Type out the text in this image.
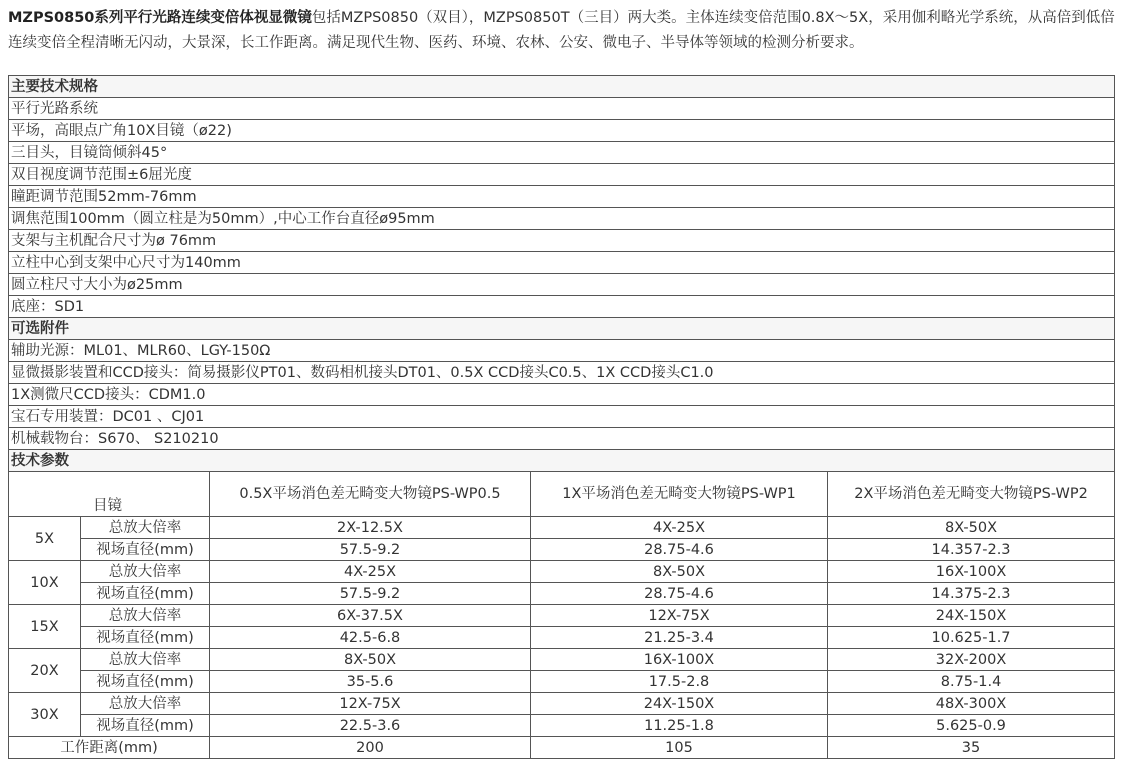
MZPS0850系列平行光路连续变倍体视显微镜包括MZPS0850（双目），MZPS0850T（三目）两大类。主体连续变倍范围0.8X～5X，采用伽利略光学系统，从高倍到低倍连续变倍全程清晰无闪动，大景深，长工作距离。满足现代生物、医药、环境、农林、公安、微电子、半导体等领域的检测分析要求。
主要技术规格				
平行光路系统				
平场，高眼点广角10X目镜（ø22)				
三目头，目镜筒倾斜45°				
双目视度调节范围±6屈光度				
瞳距调节范围52mm-76mm				
调焦范围100mm（圆立柱是为50mm）,中心工作台直径ø95mm				
支架与主机配合尺寸为ø 76mm				
立柱中心到支架中心尺寸为140mm				
圆立柱尺寸大小为ø25mm				
底座：SD1				
可选附件				
辅助光源：ML01、MLR60、LGY-150Ω				
显微摄影装置和CCD接头：简易摄影仪PT01、数码相机接头DT01、0.5X CCD接头C0.5、1X CCD接头C1.0				
1X测微尺CCD接头：CDM1.0				
宝石专用装置：DC01 、CJ01				
机械载物台：S670、 S210210				
技术参数				
目镜		0.5X平场消色差无畸变大物镜PS-WP0.5	1X平场消色差无畸变大物镜PS-WP1	2X平场消色差无畸变大物镜PS-WP2
5X	总放大倍率	2X-12.5X	4X-25X	8X-50X
	视场直径(mm)	57.5-9.2	28.75-4.6	14.357-2.3
10X	总放大倍率	4X-25X	8X-50X	16X-100X
	视场直径(mm)	57.5-9.2	28.75-4.6	14.375-2.3
15X	总放大倍率	6X-37.5X	12X-75X	24X-150X
	视场直径(mm)	42.5-6.8	21.25-3.4	10.625-1.7
20X	总放大倍率	8X-50X	16X-100X	32X-200X
	视场直径(mm)	35-5.6	17.5-2.8	8.75-1.4
30X	总放大倍率	12X-75X	24X-150X	48X-300X
	视场直径(mm)	22.5-3.6	11.25-1.8	5.625-0.9
工作距离(mm)		200	105	35
